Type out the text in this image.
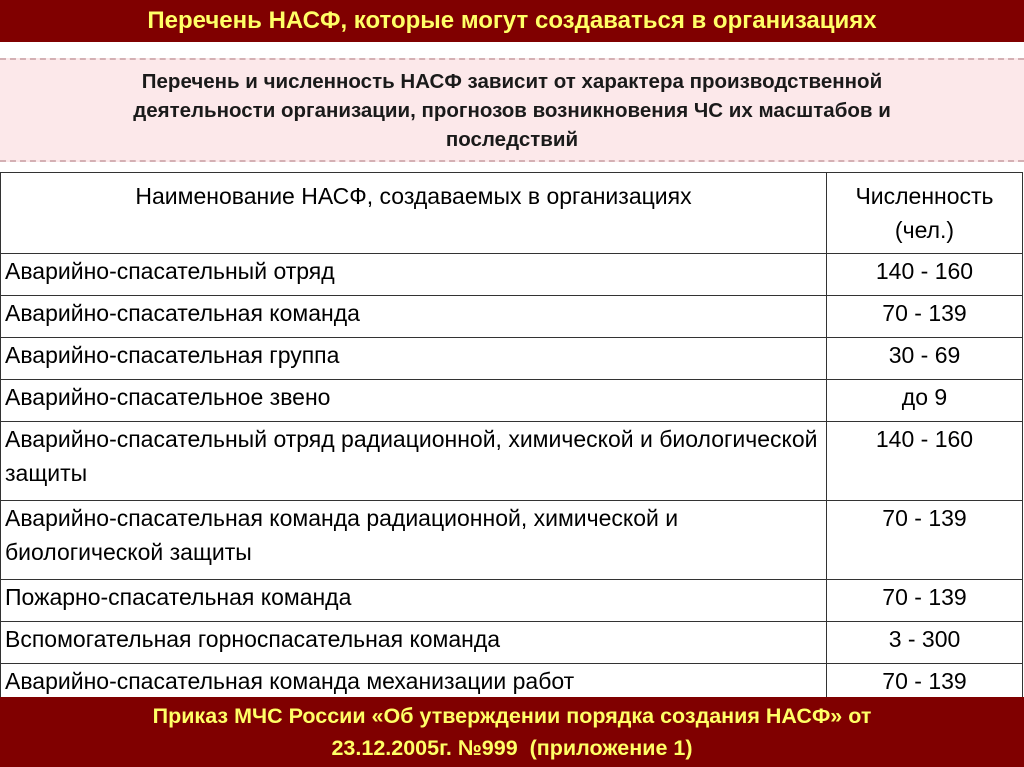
Перечень НАСФ, которые могут создаваться в организациях
Перечень и численность НАСФ зависит от характера производственной
деятельности организации, прогнозов возникновения ЧС их масштабов и
последствий
Наименование НАСФ, создаваемых в организациях	Численность
(чел.)
Аварийно-спасательный отряд	140 - 160
Аварийно-спасательная команда	70 - 139
Аварийно-спасательная группа	30 - 69
Аварийно-спасательное звено	до 9
Аварийно-спасательный отряд радиационной, химической и биологической защиты	140 - 160
Аварийно-спасательная команда радиационной, химической и биологической защиты	70 - 139
Пожарно-спасательная команда	70 - 139
Вспомогательная горноспасательная команда	3 - 300
Аварийно-спасательная команда механизации работ	70 - 139
Приказ МЧС России «Об утверждении порядка создания НАСФ» от
23.12.2005г. №999  (приложение 1)
